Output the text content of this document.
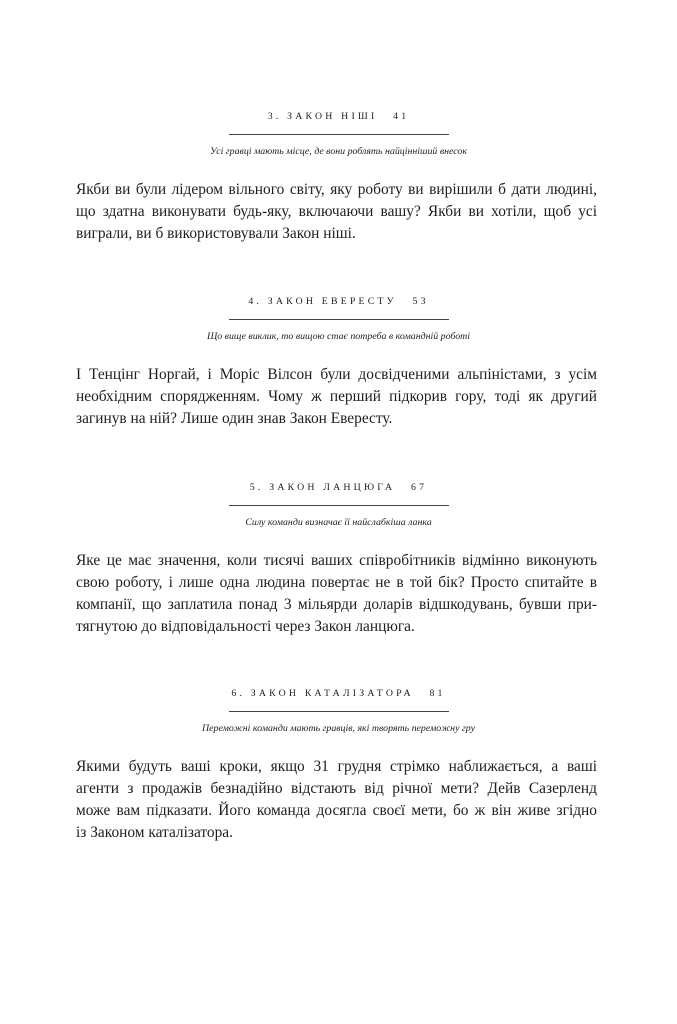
3. ЗАКОН НІШІ 41
Усі гравці мають місце, де вони роблять найцінніший внесок
Якби ви були лідером вільного світу, яку роботу ви вирішили б дати людині,
що здатна виконувати будь-яку, включаючи вашу? Якби ви хотіли, щоб усі
виграли, ви б використовували Закон ніші.
4. ЗАКОН ЕВЕРЕСТУ 53
Що вище виклик, то вищою стає потреба в командній роботі
І Тенцінг Норгай, і Моріс Вілсон були досвідченими альпіністами, з усім
необхідним спорядженням. Чому ж перший підкорив гору, тоді як другий
загинув на ній? Лише один знав Закон Евересту.
5. ЗАКОН ЛАНЦЮГА 67
Силу команди визначає її найслабкіша ланка
Яке це має значення, коли тисячі ваших співробітників відмінно виконують
свою роботу, і лише одна людина повертає не в той бік? Просто спитайте в
компанії, що заплатила понад 3 мільярди доларів відшкодувань, бувши при-
тягнутою до відповідальності через Закон ланцюга.
6. ЗАКОН КАТАЛІЗАТОРА 81
Переможні команди мають гравців, які творять переможну гру
Якими будуть ваші кроки, якщо 31 грудня стрімко наближається, а ваші
агенти з продажів безнадійно відстають від річної мети? Дейв Сазерленд
може вам підказати. Його команда досягла своєї мети, бо ж він живе згідно
із Законом каталізатора.
